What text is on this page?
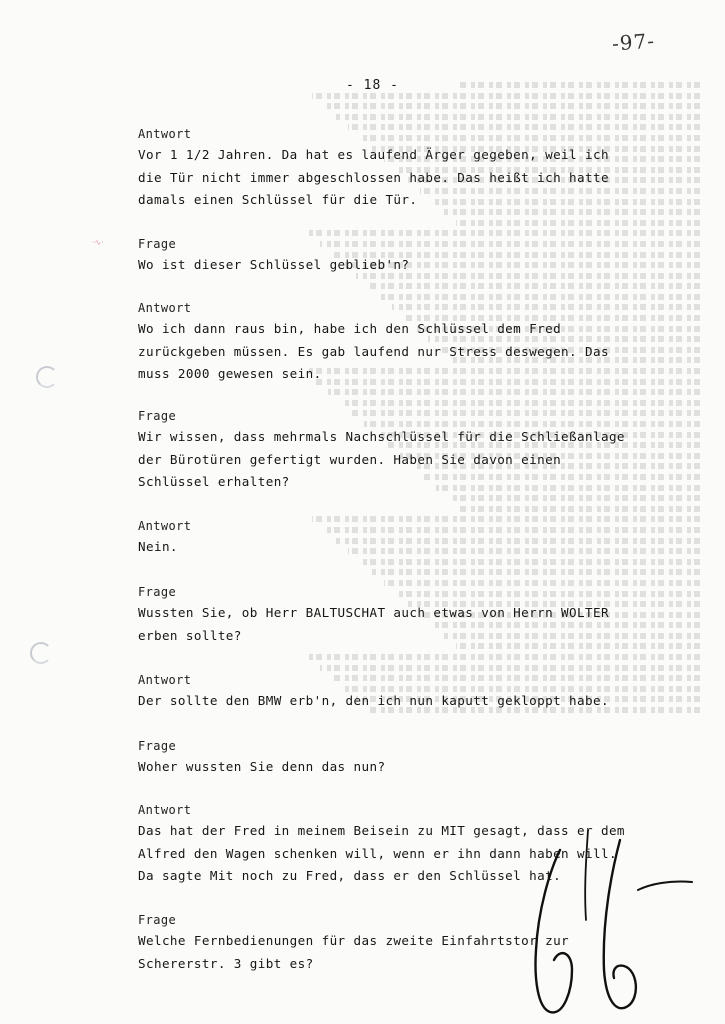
-97-
- 18 -
·∿·
Antwort
Vor 1 1/2 Jahren. Da hat es laufend Ärger gegeben, weil ich
die Tür nicht immer abgeschlossen habe. Das heißt ich hatte
damals einen Schlüssel für die Tür.
Frage
Wo ist dieser Schlüssel geblieb'n?
Antwort
Wo ich dann raus bin, habe ich den Schlüssel dem Fred
zurückgeben müssen. Es gab laufend nur Stress deswegen. Das
muss 2000 gewesen sein.
Frage
Wir wissen, dass mehrmals Nachschlüssel für die Schließanlage
der Bürotüren gefertigt wurden. Haben Sie davon einen
Schlüssel erhalten?
Antwort
Nein.
Frage
Wussten Sie, ob Herr BALTUSCHAT auch etwas von Herrn WOLTER
erben sollte?
Antwort
Der sollte den BMW erb'n, den ich nun kaputt gekloppt habe.
Frage
Woher wussten Sie denn das nun?
Antwort
Das hat der Fred in meinem Beisein zu MIT gesagt, dass er dem
Alfred den Wagen schenken will, wenn er ihn dann haben will.
Da sagte Mit noch zu Fred, dass er den Schlüssel hat.
Frage
Welche Fernbedienungen für das zweite Einfahrtstor zur
Schererstr. 3 gibt es?
